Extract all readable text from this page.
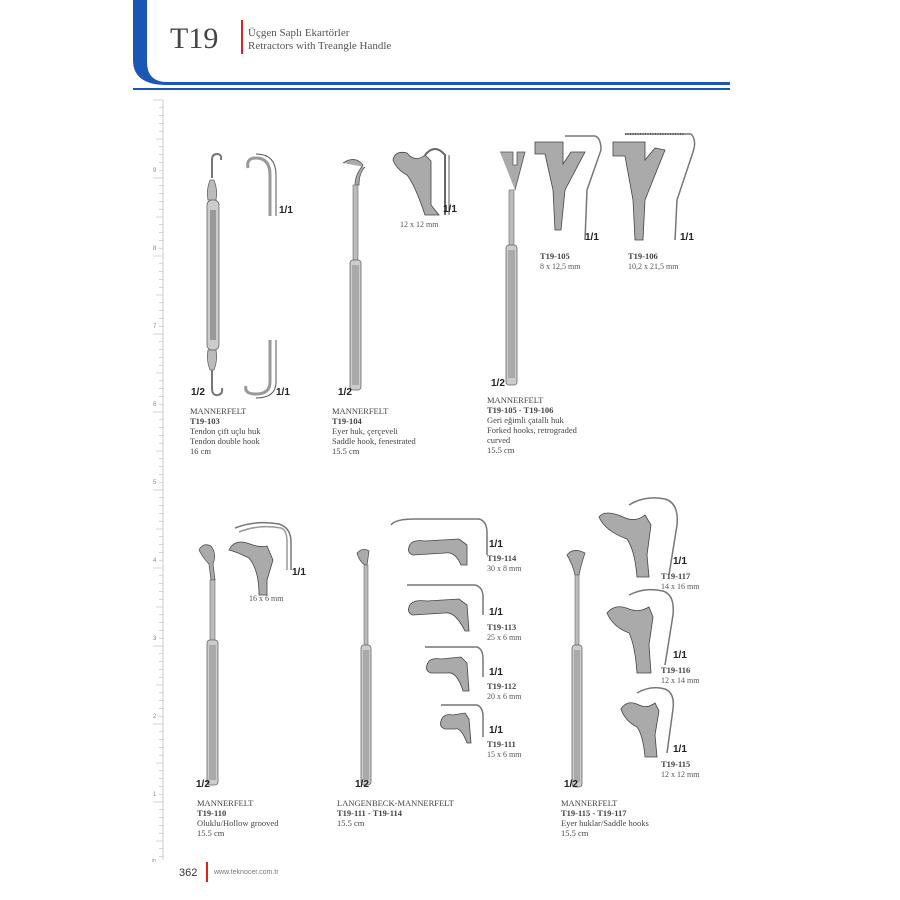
T19	Üçgen Saplı Ekartörler
Retractors with Treangle Handle
9
8
7
6
5
4
3
2
1
in
1/2
1/1
1/1
MANNERFELT
T19-103
Tendon çift uçlu huk
Tendon double hook
16 cm
1/2
1/1
12 x 12 mm
MANNERFELT
T19-104
Eyer huk, çerçeveli
Saddle hook, fenestrated
15.5 cm
1/2
1/1	1/1
T19-105
8 x 12,5 mm
T19-106
10,2 x 21,5 mm
MANNERFELT
T19-105 - T19-106
Geri eğimli çatallı huk
Forked hooks, retrograded
curved
15.5 cm
1/2
1/1
16 x 6 mm
MANNERFELT
T19-110
Oluklu/Hollow grooved
15.5 cm
1/2
1/1
T19-114
30 x 8 mm
1/1
T19-113
25 x 6 mm
1/1
T19-112
20 x 6 mm
1/1
T19-111
15 x 6 mm
LANGENBECK-MANNERFELT
T19-111 - T19-114
15.5 cm
1/2
1/1
T19-117
14 x 16 mm
1/1
T19-116
12 x 14 mm
1/1
T19-115
12 x 12 mm
MANNERFELT
T19-115 - T19-117
Eyer huklar/Saddle hooks
15.5 cm
362 www.teknocer.com.tr
